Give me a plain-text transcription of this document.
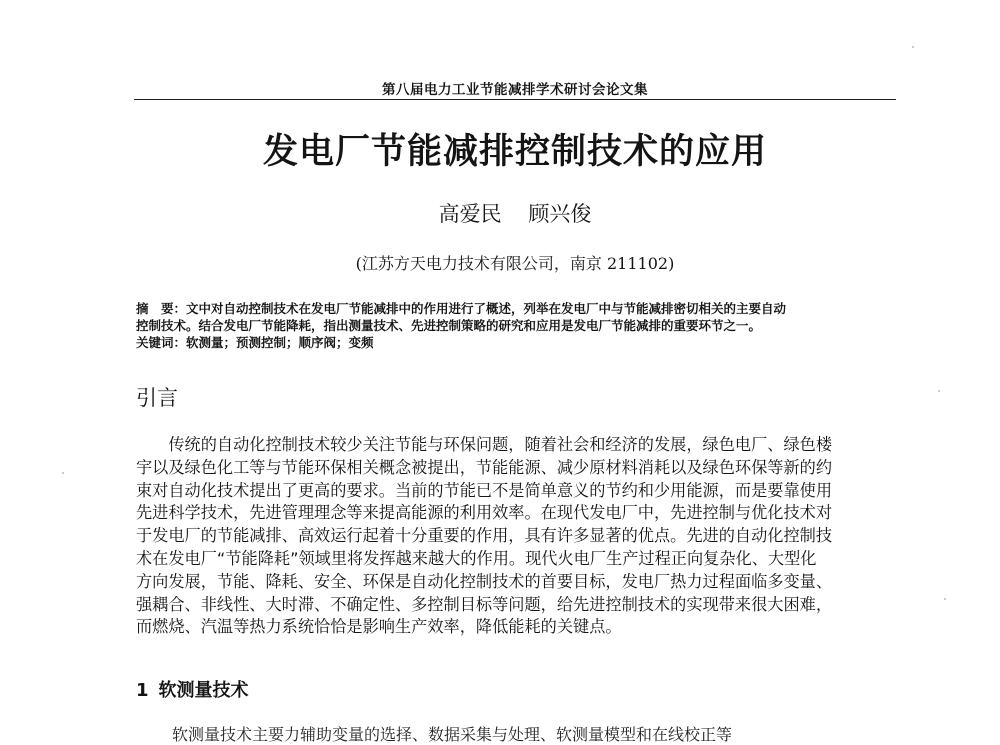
第八届电力工业节能减排学术研讨会论文集
发电厂节能减排控制技术的应用
高爱民 顾兴俊
(江苏方天电力技术有限公司，南京 211102)
摘　要：文中对自动控制技术在发电厂节能减排中的作用进行了概述，列举在发电厂中与节能减排密切相关的主要自动
控制技术。结合发电厂节能降耗，指出测量技术、先进控制策略的研究和应用是发电厂节能减排的重要环节之一。
关键词：软测量；预测控制；顺序阀；变频
引言
　　传统的自动化控制技术较少关注节能与环保问题，随着社会和经济的发展，绿色电厂、绿色楼
宇以及绿色化工等与节能环保相关概念被提出，节能能源、减少原材料消耗以及绿色环保等新的约
束对自动化技术提出了更高的要求。当前的节能已不是简单意义的节约和少用能源，而是要靠使用
先进科学技术，先进管理理念等来提高能源的利用效率。在现代发电厂中，先进控制与优化技术对
于发电厂的节能减排、高效运行起着十分重要的作用，具有许多显著的优点。先进的自动化控制技
术在发电厂“节能降耗”领域里将发挥越来越大的作用。现代火电厂生产过程正向复杂化、大型化
方向发展，节能、降耗、安全、环保是自动化控制技术的首要目标，发电厂热力过程面临多变量、
强耦合、非线性、大时滞、不确定性、多控制目标等问题，给先进控制技术的实现带来很大困难，
而燃烧、汽温等热力系统恰恰是影响生产效率，降低能耗的关键点。
1 软测量技术
软测量技术主要力辅助变量的选择、数据采集与处理、软测量模型和在线校正等
